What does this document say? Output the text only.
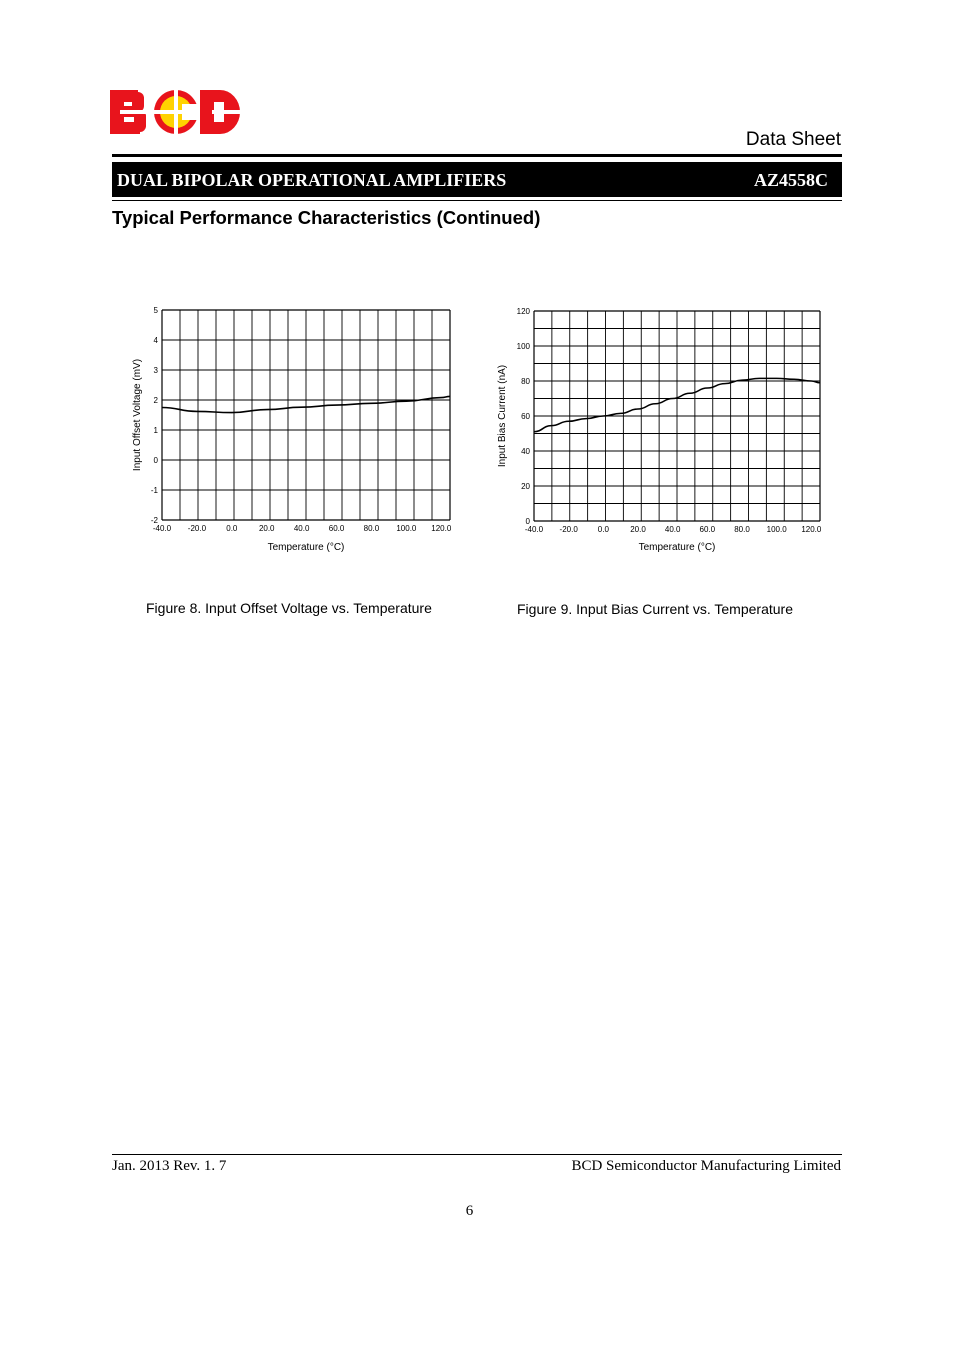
Data Sheet
DUAL BIPOLAR OPERATIONAL AMPLIFIERS	AZ4558C
Typical Performance Characteristics (Continued)
-40.0 -20.0	0.0	20.0 40.0 60.0 80.0 100.0 120.0
5
4
3
2
1
0
-1
-2
Temperature (°C)
Input Offset Voltage (mV)
-40.0 -20.0 0.0	20.0 40.0 60.0 80.0 100.0 120.0
120
100
80
60
40
20
0
Temperature (°C)
Input Bias Current (nA)
Figure 8. Input Offset Voltage vs. Temperature	Figure 9. Input Bias Current vs. Temperature
Jan. 2013 Rev. 1. 7	BCD Semiconductor Manufacturing Limited
6
